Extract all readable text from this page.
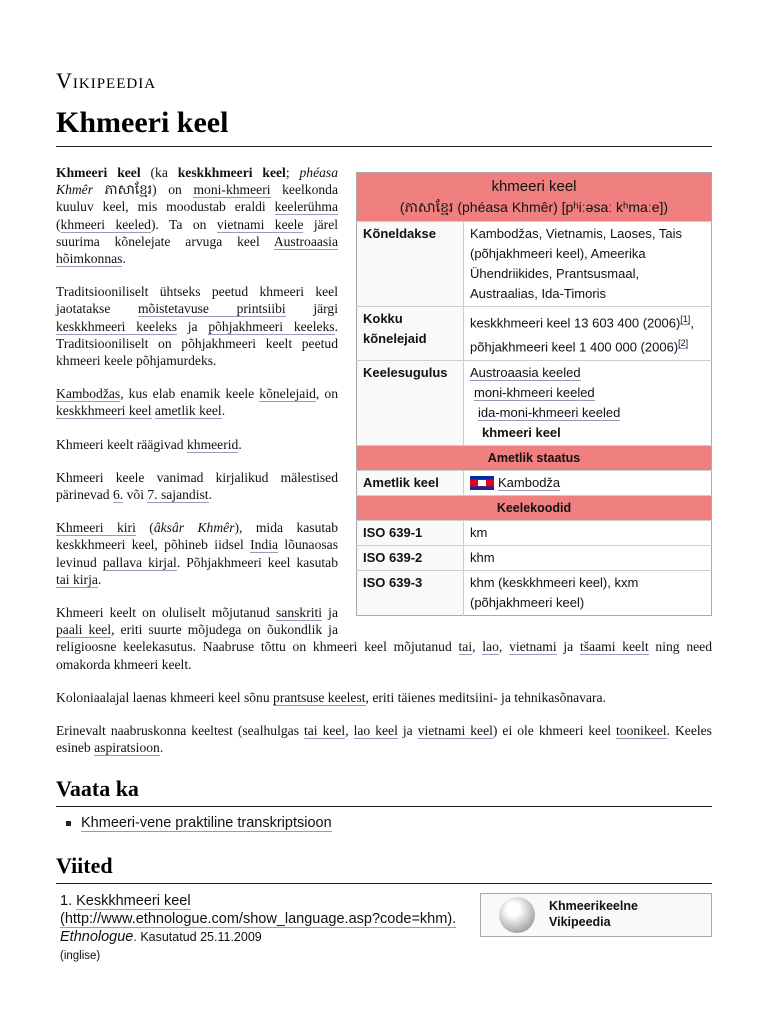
Vikipeedia
Khmeeri keel
khmeeri keel
(ភាសាខ្មែរ (phéasa Khmêr) [pʰiːəsaː kʰmaːe])	

Kõneldakse	Kambodžas, Vietnamis, Laoses, Tais (põhjakhmeeri keel), Ameerika Ühendriikides, Prantsusmaal, Austraalias, Ida-Timoris
Kokku kõnelejaid	keskkhmeeri keel 13 603 400 (2006)[1], põhjakhmeeri keel 1 400 000 (2006)[2]
Keelesugulus	Austroaasia keeled
moni-khmeeri keeled
ida-moni-khmeeri keeled
khmeeri keel

Ametlik staatus	
Ametlik keel	Kambodža
Keelekoodid	
ISO 639-1	km
ISO 639-2	khm
ISO 639-3	khm (keskkhmeeri keel), kxm (põhjakhmeeri keel)

Khmeeri keel (ka keskkhmeeri keel; phéasa Khmêr ភាសាខ្មែរ) on moni-khmeeri keelkonda kuuluv keel, mis moodustab eraldi keelerühma (khmeeri keeled). Ta on vietnami keele järel suurima kõnelejate arvuga keel Austroaasia hõimkonnas.

Traditsiooniliselt ühtseks peetud khmeeri keel jaotatakse mõistetavuse printsiibi järgi keskkhmeeri keeleks ja põhjakhmeeri keeleks. Traditsiooniliselt on põhjakhmeeri keelt peetud khmeeri keele põhjamurdeks.

Kambodžas, kus elab enamik keele kõnelejaid, on keskkhmeeri keel ametlik keel.

Khmeeri keelt räägivad khmeerid.

Khmeeri keele vanimad kirjalikud mälestised pärinevad 6. või 7. sajandist.

Khmeeri kiri (âksâr Khmêr), mida kasutab keskkhmeeri keel, põhineb iidsel India lõunaosas levinud pallava kirjal. Põhjakhmeeri keel kasutab tai kirja.

Khmeeri keelt on oluliselt mõjutanud sanskriti ja paali keel, eriti suurte mõjudega on õukondlik ja religioosne keelekasutus. Naabruse tõttu on khmeeri keel mõjutanud tai, lao, vietnami ja tšaami keelt ning need omakorda khmeeri keelt.

Koloniaalajal laenas khmeeri keel sõnu prantsuse keelest, eriti täienes meditsiini- ja tehnikasõnavara.

Erinevalt naabruskonna keeltest (sealhulgas tai keel, lao keel ja vietnami keel) ei ole khmeeri keel toonikeel. Keeles esineb aspiratsioon.

Vaata ka
Khmeeri-vene praktiline transkriptsioon
Viited
1. Keskkhmeeri keel (http://www.ethnologue.com/show_language.asp?code=khm). Ethnologue. Kasutatud 25.11.2009
(inglise)
Khmeerikeelne
Vikipeedia
